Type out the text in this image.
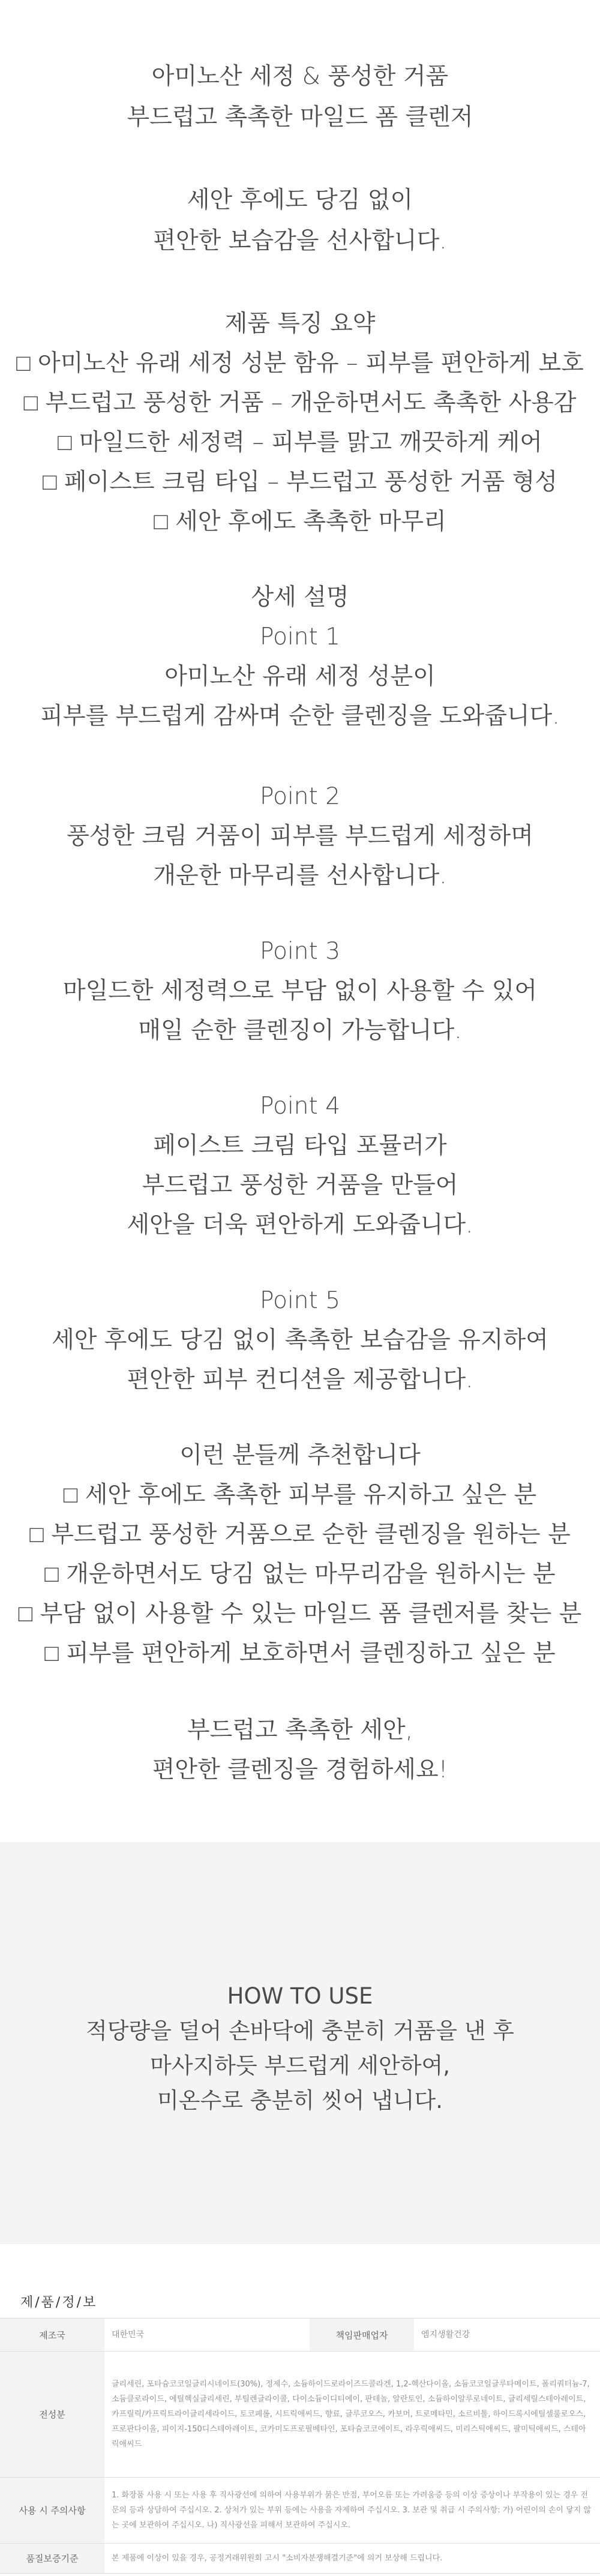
아미노산 세정 & 풍성한 거품
부드럽고 촉촉한 마일드 폼 클렌저
세안 후에도 당김 없이
편안한 보습감을 선사합니다.
제품 특징 요약
□ 아미노산 유래 세정 성분 함유 – 피부를 편안하게 보호
□ 부드럽고 풍성한 거품 – 개운하면서도 촉촉한 사용감
□ 마일드한 세정력 – 피부를 맑고 깨끗하게 케어
□ 페이스트 크림 타입 – 부드럽고 풍성한 거품 형성
□ 세안 후에도 촉촉한 마무리
상세 설명
Point 1
아미노산 유래 세정 성분이
피부를 부드럽게 감싸며 순한 클렌징을 도와줍니다.
Point 2
풍성한 크림 거품이 피부를 부드럽게 세정하며
개운한 마무리를 선사합니다.
Point 3
마일드한 세정력으로 부담 없이 사용할 수 있어
매일 순한 클렌징이 가능합니다.
Point 4
페이스트 크림 타입 포뮬러가
부드럽고 풍성한 거품을 만들어
세안을 더욱 편안하게 도와줍니다.
Point 5
세안 후에도 당김 없이 촉촉한 보습감을 유지하여
편안한 피부 컨디션을 제공합니다.
이런 분들께 추천합니다
□ 세안 후에도 촉촉한 피부를 유지하고 싶은 분
□ 부드럽고 풍성한 거품으로 순한 클렌징을 원하는 분
□ 개운하면서도 당김 없는 마무리감을 원하시는 분
□ 부담 없이 사용할 수 있는 마일드 폼 클렌저를 찾는 분
□ 피부를 편안하게 보호하면서 클렌징하고 싶은 분
부드럽고 촉촉한 세안,
편안한 클렌징을 경험하세요!
HOW TO USE
적당량을 덜어 손바닥에 충분히 거품을 낸 후
마사지하듯 부드럽게 세안하여,
미온수로 충분히 씻어 냅니다.
제/품/정/보
제조국	대한민국	책임판매업자	엠지생활건강
전성분	글리세린, 포타슘코코일글리시네이트(30%), 정제수, 소듐하이드로라이즈드콜라겐, 1,2-헥산다이올, 소듐코코일글루타메이트, 폴리쿼터늄-7, 소듐클로라이드, 에틸헥실글리세린, 부틸렌글라이콜, 다이소듐이디티에이, 판테놀, 알란토인, 소듐하이알루로네이트, 글리세릴스테아레이트, 카프릴릭/카프릭트라이글리세라이드, 토코페롤, 시트릭애씨드, 향료, 글루코오스, 카보머, 트로메타민, 소르비톨, 하이드록시에틸셀룰로오스, 프로판다이올, 피이지-150디스테아레이트, 코카미도프로필베타인, 포타슘코코에이트, 라우릭애씨드, 미리스틱애씨드, 팔미틱애씨드, 스테아릭애씨드		
사용 시 주의사항	1. 화장품 사용 시 또는 사용 후 직사광선에 의하여 사용부위가 붉은 반점, 부어오름 또는 가려움증 등의 이상 증상이나 부작용이 있는 경우 전문의 등과 상담하여 주십시오. 2. 상처가 있는 부위 등에는 사용을 자제하여 주십시오. 3. 보관 및 취급 시 주의사항: 가) 어린이의 손이 닿지 않는 곳에 보관하여 주십시오. 나) 직사광선을 피해서 보관하여 주십시오.		
품질보증기준	본 제품에 이상이 있을 경우, 공정거래위원회 고시 "소비자분쟁해결기준"에 의거 보상해 드립니다.		
